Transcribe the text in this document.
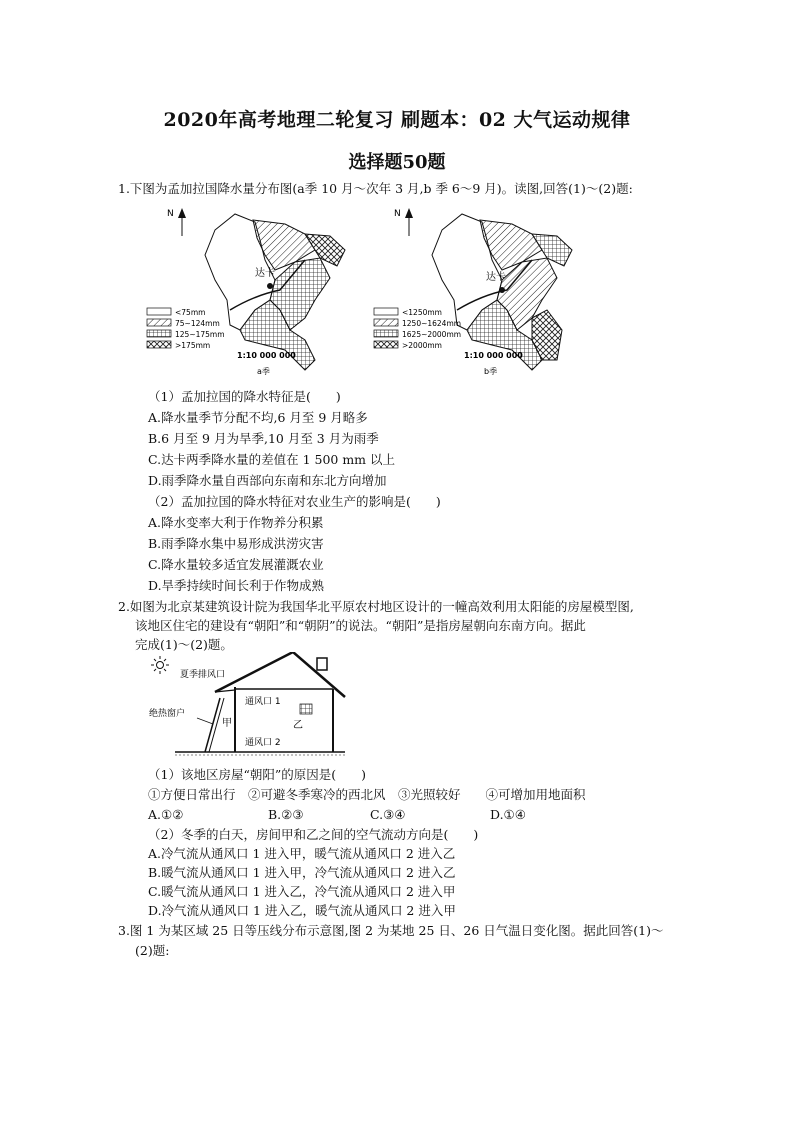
2020年高考地理二轮复习 刷题本：02 大气运动规律
选择题50题
1.下图为孟加拉国降水量分布图(a季 10 月～次年 3 月,b 季 6～9 月)。读图,回答(1)～(2)题:
N
达卡
<75mm
75~124mm
125~175mm
>175mm
1:10 000 000
a季
N
达卡
<1250mm
1250~1624mm
1625~2000mm
>2000mm
1:10 000 000
b季
（1）孟加拉国的降水特征是(　　)
A.降水量季节分配不均,6 月至 9 月略多
B.6 月至 9 月为旱季,10 月至 3 月为雨季
C.达卡两季降水量的差值在 1 500 mm 以上
D.雨季降水量自西部向东南和东北方向增加
（2）孟加拉国的降水特征对农业生产的影响是(　　)
A.降水变率大利于作物养分积累
B.雨季降水集中易形成洪涝灾害
C.降水量较多适宜发展灌溉农业
D.旱季持续时间长利于作物成熟
2.如图为北京某建筑设计院为我国华北平原农村地区设计的一幢高效利用太阳能的房屋模型图,
该地区住宅的建设有“朝阳”和“朝阴”的说法。“朝阳”是指房屋朝向东南方向。据此
完成(1)～(2)题。
夏季排风口
绝热窗户
通风口 1
通风口 2
甲	乙
（1）该地区房屋“朝阳”的原因是(　　)
①方便日常出行　②可避冬季寒冷的西北风　③光照较好　　④可增加用地面积
A.①②	B.②③	C.③④	D.①④
（2）冬季的白天，房间甲和乙之间的空气流动方向是(　　)
A.冷气流从通风口 1 进入甲，暖气流从通风口 2 进入乙
B.暖气流从通风口 1 进入甲，冷气流从通风口 2 进入乙
C.暖气流从通风口 1 进入乙，冷气流从通风口 2 进入甲
D.冷气流从通风口 1 进入乙，暖气流从通风口 2 进入甲
3.图 1 为某区域 25 日等压线分布示意图,图 2 为某地 25 日、26 日气温日变化图。据此回答(1)～
(2)题:
